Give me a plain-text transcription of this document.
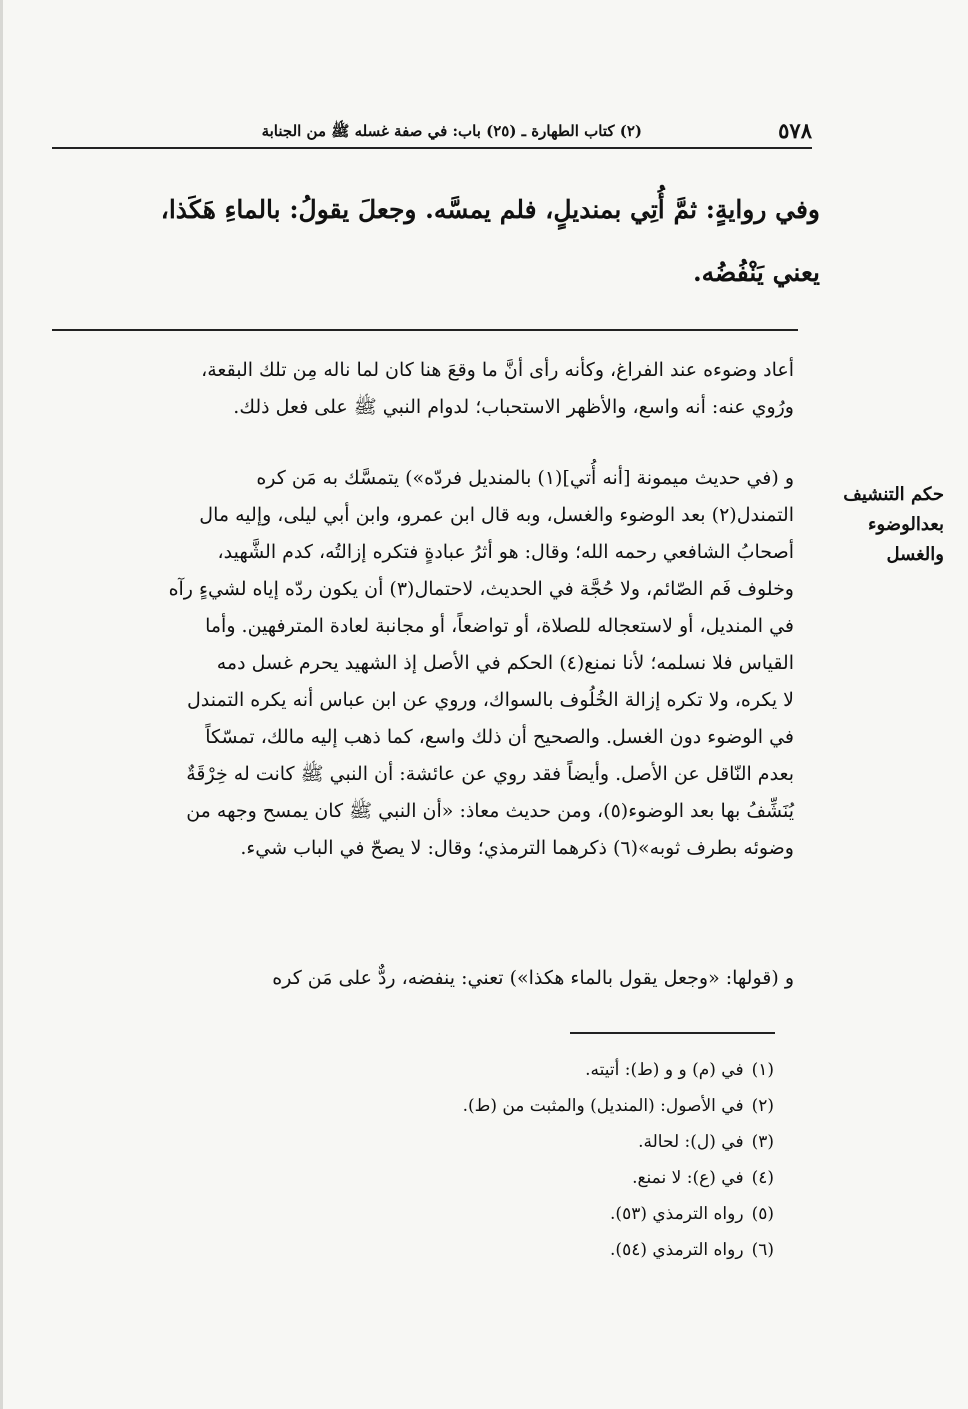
٥٧٨
(٢) كتاب الطهارة ـ (٢٥) باب: في صفة غسله ﷺ من الجنابة

وفي روايةٍ: ثمَّ أُتِي بمنديلٍ، فلم يمسَّه. وجعلَ يقولُ: بالماءِ هَكَذا،

يعني يَنْفُضُه.

أعاد وضوءه عند الفراغ، وكأنه رأى أنَّ ما وقعَ هنا كان لما ناله مِن تلك البقعة،

ورُوي عنه: أنه واسع، والأظهر الاستحباب؛ لدوام النبي ﷺ على فعل ذلك.

حكم التنشيف
بعدالوضوء
والغسل

و (في حديث ميمونة [أنه أُتي](١) بالمنديل فردّه») يتمسَّك به مَن كره

التمندل(٢) بعد الوضوء والغسل، وبه قال ابن عمرو، وابن أبي ليلى، وإليه مال

أصحابُ الشافعي رحمه الله؛ وقال: هو أثرُ عبادةٍ فتكره إزالتُه، كدم الشَّهيد،

وخلوف فَم الصّائم، ولا حُجَّة في الحديث، لاحتمال(٣) أن يكون ردّه إياه لشيءٍ رآه

في المنديل، أو لاستعجاله للصلاة، أو تواضعاً، أو مجانبة لعادة المترفهين. وأما

القياس فلا نسلمه؛ لأنا نمنع(٤) الحكم في الأصل إذ الشهيد يحرم غسل دمه

لا يكره، ولا تكره إزالة الخُلُوف بالسواك، وروي عن ابن عباس أنه يكره التمندل

في الوضوء دون الغسل. والصحيح أن ذلك واسع، كما ذهب إليه مالك، تمسّكاً

بعدم النّاقل عن الأصل. وأيضاً فقد روي عن عائشة: أن النبي ﷺ كانت له خِرْقَةٌ

يُنَشِّفُ بها بعد الوضوء(٥)، ومن حديث معاذ: «أن النبي ﷺ كان يمسح وجهه من

وضوئه بطرف ثوبه»(٦) ذكرهما الترمذي؛ وقال: لا يصحّ في الباب شيء.

و (قولها: «وجعل يقول بالماء هكذا») تعني: ينفضه، ردٌّ على مَن كره

(١)في (م) و و (ط): أتيته.
(٢)في الأصول: (المنديل) والمثبت من (ط).
(٣)في (ل): لحالة.
(٤)في (ع): لا نمنع.
(٥)رواه الترمذي (٥٣).
(٦)رواه الترمذي (٥٤).
